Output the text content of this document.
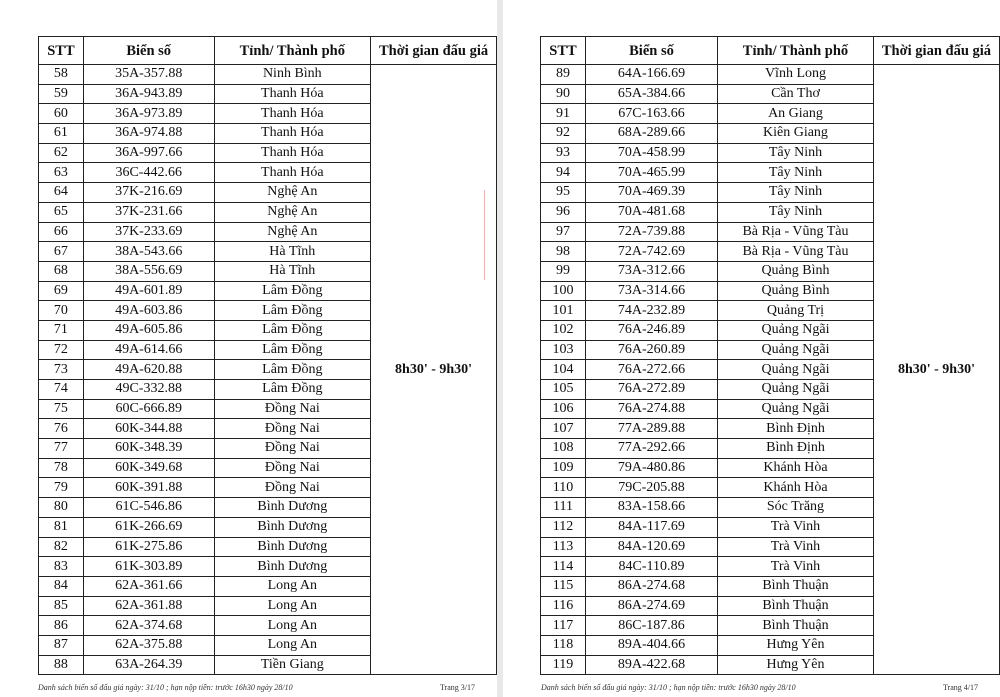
STT	Biển số	Tỉnh/ Thành phố	Thời gian đấu giá
58	35A-357.88	Ninh Bình	8h30' - 9h30'
59	36A-943.89	Thanh Hóa	
60	36A-973.89	Thanh Hóa	
61	36A-974.88	Thanh Hóa	
62	36A-997.66	Thanh Hóa	
63	36C-442.66	Thanh Hóa	
64	37K-216.69	Nghệ An	
65	37K-231.66	Nghệ An	
66	37K-233.69	Nghệ An	
67	38A-543.66	Hà Tĩnh	
68	38A-556.69	Hà Tĩnh	
69	49A-601.89	Lâm Đồng	
70	49A-603.86	Lâm Đồng	
71	49A-605.86	Lâm Đồng	
72	49A-614.66	Lâm Đồng	
73	49A-620.88	Lâm Đồng	
74	49C-332.88	Lâm Đồng	
75	60C-666.89	Đồng Nai	
76	60K-344.88	Đồng Nai	
77	60K-348.39	Đồng Nai	
78	60K-349.68	Đồng Nai	
79	60K-391.88	Đồng Nai	
80	61C-546.86	Bình Dương	
81	61K-266.69	Bình Dương	
82	61K-275.86	Bình Dương	
83	61K-303.89	Bình Dương	
84	62A-361.66	Long An	
85	62A-361.88	Long An	
86	62A-374.68	Long An	
87	62A-375.88	Long An	
88	63A-264.39	Tiền Giang	
Danh sách biển số đấu giá ngày: 31/10 ; hạn nộp tiền: trước 16h30 ngày 28/10	Trang 3/17
STT	Biển số	Tỉnh/ Thành phố	Thời gian đấu giá
89	64A-166.69	Vĩnh Long	8h30' - 9h30'
90	65A-384.66	Cần Thơ	
91	67C-163.66	An Giang	
92	68A-289.66	Kiên Giang	
93	70A-458.99	Tây Ninh	
94	70A-465.99	Tây Ninh	
95	70A-469.39	Tây Ninh	
96	70A-481.68	Tây Ninh	
97	72A-739.88	Bà Rịa - Vũng Tàu	
98	72A-742.69	Bà Rịa - Vũng Tàu	
99	73A-312.66	Quảng Bình	
100	73A-314.66	Quảng Bình	
101	74A-232.89	Quảng Trị	
102	76A-246.89	Quảng Ngãi	
103	76A-260.89	Quảng Ngãi	
104	76A-272.66	Quảng Ngãi	
105	76A-272.89	Quảng Ngãi	
106	76A-274.88	Quảng Ngãi	
107	77A-289.88	Bình Định	
108	77A-292.66	Bình Định	
109	79A-480.86	Khánh Hòa	
110	79C-205.88	Khánh Hòa	
111	83A-158.66	Sóc Trăng	
112	84A-117.69	Trà Vinh	
113	84A-120.69	Trà Vinh	
114	84C-110.89	Trà Vinh	
115	86A-274.68	Bình Thuận	
116	86A-274.69	Bình Thuận	
117	86C-187.86	Bình Thuận	
118	89A-404.66	Hưng Yên	
119	89A-422.68	Hưng Yên	
Danh sách biển số đấu giá ngày: 31/10 ; hạn nộp tiền: trước 16h30 ngày 28/10	Trang 4/17
